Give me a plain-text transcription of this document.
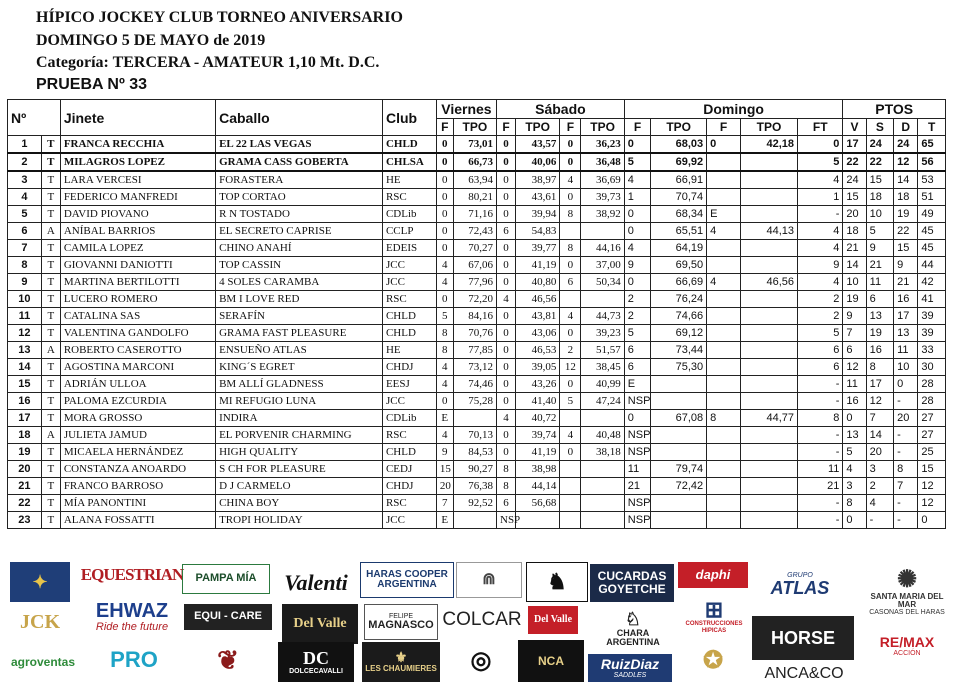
HÍPICO JOCKEY CLUB TORNEO ANIVERSARIO
DOMINGO 5 DE MAYO de 2019
Categoría: TERCERA - AMATEUR 1,10 Mt. D.C.
PRUEBA Nº 33
Nº		Jinete	Caballo	Club	Viernes		Sábado				Domingo					PTOS			
					F	TPO	F	TPO	F	TPO	F	TPO	F	TPO	FT	V	S	D	T
1	T	FRANCA RECCHIA	EL 22 LAS VEGAS	CHLD	0	73,01	0	43,57	0	36,23	0	68,03	0	42,18	0	17	24	24	65
2	T	MILAGROS LOPEZ	GRAMA CASS GOBERTA	CHLSA	0	66,73	0	40,06	0	36,48	5	69,92			5	22	22	12	56
3	T	LARA VERCESI	FORASTERA	HE	0	63,94	0	38,97	4	36,69	4	66,91			4	24	15	14	53
4	T	FEDERICO MANFREDI	TOP CORTAO	RSC	0	80,21	0	43,61	0	39,73	1	70,74			1	15	18	18	51
5	T	DAVID PIOVANO	R N TOSTADO	CDLib	0	71,16	0	39,94	8	38,92	0	68,34	E		-	20	10	19	49
6	A	ANÍBAL BARRIOS	EL SECRETO CAPRISE	CCLP	0	72,43	6	54,83			0	65,51	4	44,13	4	18	5	22	45
7	T	CAMILA LOPEZ	CHINO ANAHÍ	EDEIS	0	70,27	0	39,77	8	44,16	4	64,19			4	21	9	15	45
8	T	GIOVANNI DANIOTTI	TOP CASSIN	JCC	4	67,06	0	41,19	0	37,00	9	69,50			9	14	21	9	44
9	T	MARTINA BERTILOTTI	4 SOLES CARAMBA	JCC	4	77,96	0	40,80	6	50,34	0	66,69	4	46,56	4	10	11	21	42
10	T	LUCERO ROMERO	BM I LOVE RED	RSC	0	72,20	4	46,56			2	76,24			2	19	6	16	41
11	T	CATALINA SAS	SERAFÍN	CHLD	5	84,16	0	43,81	4	44,73	2	74,66			2	9	13	17	39
12	T	VALENTINA GANDOLFO	GRAMA FAST PLEASURE	CHLD	8	70,76	0	43,06	0	39,23	5	69,12			5	7	19	13	39
13	A	ROBERTO CASEROTTO	ENSUEÑO ATLAS	HE	8	77,85	0	46,53	2	51,57	6	73,44			6	6	16	11	33
14	T	AGOSTINA MARCONI	KING´S EGRET	CHDJ	4	73,12	0	39,05	12	38,45	6	75,30			6	12	8	10	30
15	T	ADRIÁN ULLOA	BM ALLÍ GLADNESS	EESJ	4	74,46	0	43,26	0	40,99	E				-	11	17	0	28
16	T	PALOMA EZCURDIA	MI REFUGIO LUNA	JCC	0	75,28	0	41,40	5	47,24	NSP				-	16	12	-	28
17	T	MORA GROSSO	INDIRA	CDLib	E		4	40,72			0	67,08	8	44,77	8	0	7	20	27
18	A	JULIETA JAMUD	EL PORVENIR CHARMING	RSC	4	70,13	0	39,74	4	40,48	NSP				-	13	14	-	27
19	T	MICAELA HERNÁNDEZ	HIGH QUALITY	CHLD	9	84,53	0	41,19	0	38,18	NSP				-	5	20	-	25
20	T	CONSTANZA ANOARDO	S CH FOR PLEASURE	CEDJ	15	90,27	8	38,98			11	79,74			11	4	3	8	15
21	T	FRANCO BARROSO	D J CARMELO	CHDJ	20	76,38	8	44,14			21	72,42			21	3	2	7	12
22	T	MÍA PANONTINI	CHINA BOY	RSC	7	92,52	6	56,68			NSP				-	8	4	-	12
23	T	ALANA FOSSATTI	TROPI HOLIDAY	JCC	E		NSP				NSP				-	0	-	-	0
✦	EQUESTRIAN	PAMPA MÍA	Valenti	HARAS COOPER ARGENTINA	⋒	♞	CUCARDAS GOYETCHE
daphi	GRUPO
ATLAS	✺
SANTA MARIA DEL MAR
CASONAS DEL HARAS
JCK	EHWAZ
Ride the future
EQUI - CARE	Del Valle	FELIPE
MAGNASCO COLCAR	Del Valle	♘
CHARA ARGENTINA
⊞
CONSTRUCCIONES HIPICAS	HORSE	RE/MAX
ACCIÓN
agroventas	PRO	❦	DC
DOLCECAVALLI
⚜
LES CHAUMIERES	◎	NCA	RuizDiaz
SADDLES
✪	ANCA&CO
